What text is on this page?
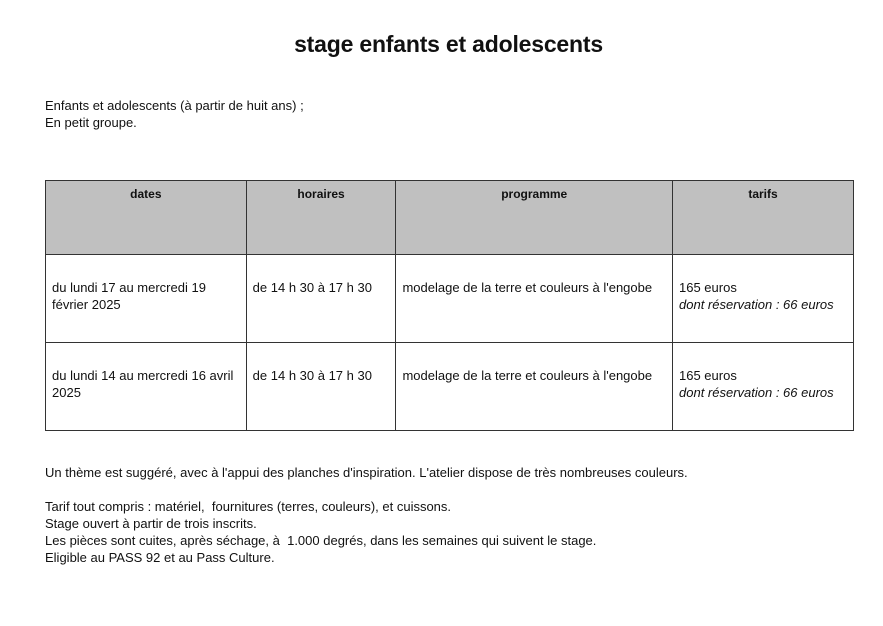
stage enfants et adolescents
Enfants et adolescents (à partir de huit ans) ;
En petit groupe.
dates	horaires	programme	tarifs
du lundi 17 au mercredi 19 février 2025	de 14 h 30 à 17 h 30	modelage de la terre et couleurs à l'engobe	165 euros
dont réservation : 66 euros

du lundi 14 au mercredi 16 avril 2025	de 14 h 30 à 17 h 30	modelage de la terre et couleurs à l'engobe	165 euros
dont réservation : 66 euros
Un thème est suggéré, avec à l'appui des planches d'inspiration. L'atelier dispose de très nombreuses couleurs.
Tarif tout compris : matériel,  fournitures (terres, couleurs), et cuissons.
Stage ouvert à partir de trois inscrits.
Les pièces sont cuites, après séchage, à  1.000 degrés, dans les semaines qui suivent le stage.
Eligible au PASS 92 et au Pass Culture.
